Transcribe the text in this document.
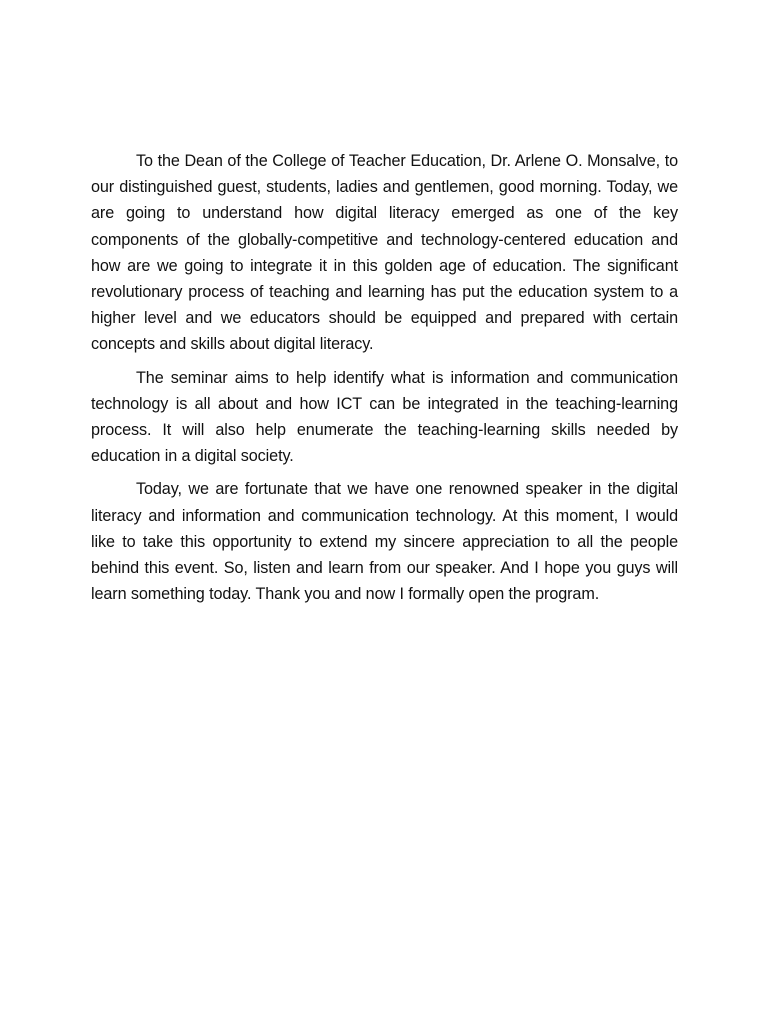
To the Dean of the College of Teacher Education, Dr. Arlene O. Monsalve, to our distinguished guest, students, ladies and gentlemen, good morning. Today, we are going to understand how digital literacy emerged as one of the key components of the globally-competitive and technology-centered education and how are we going to integrate it in this golden age of education. The significant revolutionary process of teaching and learning has put the education system to a higher level and we educators should be equipped and prepared with certain concepts and skills about digital literacy.

The seminar aims to help identify what is information and communication technology is all about and how ICT can be integrated in the teaching-learning process. It will also help enumerate the teaching-learning skills needed by education in a digital society.

Today, we are fortunate that we have one renowned speaker in the digital literacy and information and communication technology. At this moment, I would like to take this opportunity to extend my sincere appreciation to all the people behind this event. So, listen and learn from our speaker. And I hope you guys will learn something today. Thank you and now I formally open the program.
